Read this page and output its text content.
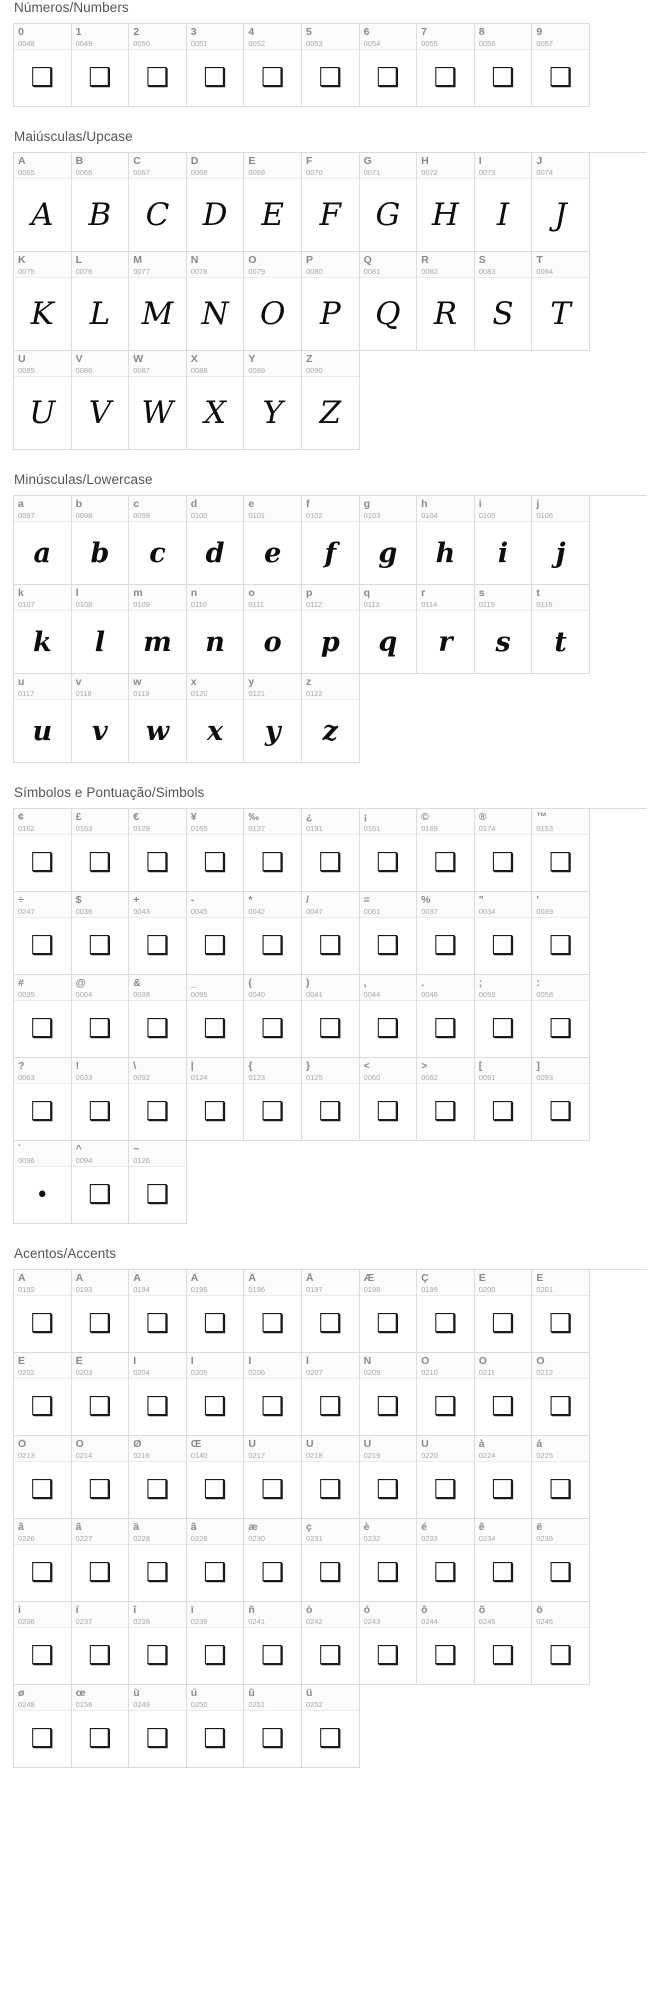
Números/Numbers
0
0048
❑
1
0049
❑
2
0050
❑
3
0051
❑
4
0052
❑
5
0053
❑
6
0054
❑
7
0055
❑
8
0056
❑
9
0057
❑
Maiúsculas/Upcase
A
0065
A
B
0066
B
C
0067
C
D
0068
D
E
0069
E
F
0070
F
G
0071
G
H
0072
H
I
0073
I
J
0074
J
K
0075
K
L
0076
L
M
0077
M
N
0078
N
O
0079
O
P
0080
P
Q
0081
Q
R
0082
R
S
0083
S
T
0084
T
U
0085
U
V
0086
V
W
0087
W
X
0088
X
Y
0089
Y
Z
0090
Z
Minúsculas/Lowercase
a
0097
a
b
0098
b
c
0099
c
d
0100
d
e
0101
e
f
0102
f
g
0103
g
h
0104
h
i
0105
i
j
0106
j
k
0107
k
l
0108
l
m
0109
m
n
0110
n
o
0111
o
p
0112
p
q
0113
q
r
0114
r
s
0115
s
t
0116
t
u
0117
u
v
0118
v
w
0119
w
x
0120
x
y
0121
y
z
0122
z
Símbolos e Pontuação/Simbols
¢
0162
❑
£
0163
❑
€
0128
❑
¥
0165
❑
‰
0137
❑
¿
0191
❑
¡
0161
❑
©
0169
❑
®
0174
❑
™
0153
❑
÷
0247
❑
$
0036
❑
+
0043
❑
-
0045
❑
*
0042
❑
/
0047
❑
=
0061
❑
%
0037
❑
"
0034
❑
'
0039
❑
#
0035
❑
@
0064
❑
&
0038
❑
_
0095
❑
(
0040
❑
)
0041
❑
,
0044
❑
.
0046
❑
;
0059
❑
:
0058
❑
?
0063
❑
!
0033
❑
\
0092
❑
|
0124
❑
{
0123
❑
}
0125
❑
<
0060
❑
>
0062
❑
[
0091
❑
]
0093
❑
`
0096
•
^
0094
❑
~
0126
❑
Acentos/Accents
À
0192
❑
Á
0193
❑
Â
0194
❑
Ã
0195
❑
Ä
0196
❑
Å
0197
❑
Æ
0198
❑
Ç
0199
❑
È
0200
❑
É
0201
❑
Ê
0202
❑
Ë
0203
❑
Ì
0204
❑
Í
0205
❑
Î
0206
❑
Ï
0207
❑
Ñ
0209
❑
Ò
0210
❑
Ó
0211
❑
Ô
0212
❑
Õ
0213
❑
Ö
0214
❑
Ø
0216
❑
Œ
0140
❑
Ù
0217
❑
Ú
0218
❑
Û
0219
❑
Ü
0220
❑
à
0224
❑
á
0225
❑
â
0226
❑
ã
0227
❑
ä
0228
❑
ã
0229
❑
æ
0230
❑
ç
0231
❑
è
0232
❑
é
0233
❑
ê
0234
❑
ë
0235
❑
ì
0236
❑
í
0237
❑
î
0238
❑
ï
0239
❑
ñ
0241
❑
ò
0242
❑
ó
0243
❑
ô
0244
❑
õ
0245
❑
ö
0246
❑
ø
0248
❑
œ
0156
❑
ù
0249
❑
ú
0250
❑
û
0251
❑
ü
0252
❑
